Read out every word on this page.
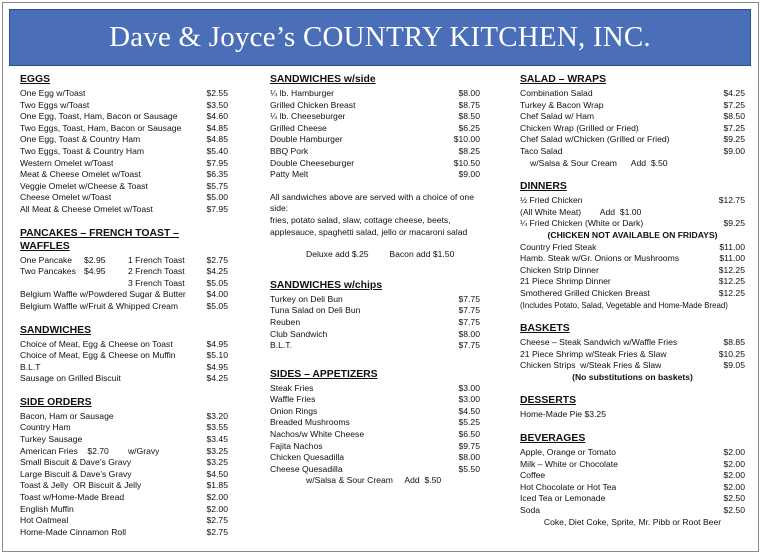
Dave & Joyce’s COUNTRY KITCHEN, INC.
EGGS
One Egg w/Toast	$2.55
Two Eggs w/Toast	$3.50
One Egg, Toast, Ham, Bacon or Sausage	$4.60
Two Eggs, Toast, Ham, Bacon or Sausage	$4.85
One Egg, Toast & Country Ham	$4.85
Two Eggs, Toast & Country Ham	$5.40
Western Omelet w/Toast	$7.95
Meat & Cheese Omelet w/Toast	$6.35
Veggie Omelet w/Cheese & Toast	$5.75
Cheese Omelet w/Toast	$5.00
All Meat & Cheese Omelet w/Toast	$7.95
PANCAKES – FRENCH TOAST – WAFFLES
One Pancake	$2.95	1 French Toast	$2.75
Two Pancakes $4.95	2 French Toast	$4.25
3 French Toast	$5.05
Belgium Waffle w/Powdered Sugar & Butter	$4.00
Belgium Waffle w/Fruit & Whipped Cream	$5.05
SANDWICHES
Choice of Meat, Egg & Cheese on Toast	$4.95
Choice of Meat, Egg & Cheese on Muffin	$5.10
B.L.T	$4.95
Sausage on Grilled Biscuit	$4.25
SIDE ORDERS
Bacon, Ham or Sausage	$3.20
Country Ham	$3.55
Turkey Sausage	$3.45
American Fries    $2.70        w/Gravy	$3.25
Small Biscuit & Dave’s Gravy	$3.25
Large Biscuit & Dave’s Gravy	$4.50
Toast & Jelly  OR Biscuit & Jelly	$1.85
Toast w/Home-Made Bread	$2.00
English Muffin	$2.00
Hot Oatmeal	$2.75
Home-Made Cinnamon Roll	$2.75
SANDWICHES w/side
¼ lb. Hamburger	$8.00
Grilled Chicken Breast	$8.75
¼ lb. Cheeseburger	$8.50
Grilled Cheese	$6.25
Double Hamburger	$10.00
BBQ Pork	$8.25
Double Cheeseburger	$10.50
Patty Melt	$9.00
All sandwiches above are served with a choice of one side:
fries, potato salad, slaw, cottage cheese, beets, applesauce, spaghetti salad, jello or macaroni salad
Deluxe add $.25 Bacon add $1.50
SANDWICHES w/chips
Turkey on Deli Bun	$7.75
Tuna Salad on Deli Bun	$7.75
Reuben	$7.75
Club Sandwich	$8.00
B.L.T.	$7.75
SIDES – APPETIZERS
Steak Fries	$3.00
Waffle Fries	$3.00
Onion Rings	$4.50
Breaded Mushrooms	$5.25
Nachos/w White Cheese	$6.50
Fajita Nachos	$9.75
Chicken Quesadilla	$8.00
Cheese Quesadilla	$5.50
w/Salsa & Sour Cream     Add  $.50
SALAD – WRAPS
Combination Salad	$4.25
Turkey & Bacon Wrap	$7.25
Chef Salad w/ Ham	$8.50
Chicken Wrap (Grilled or Fried)	$7.25
Chef Salad w/Chicken (Grilled or Fried)	$9.25
Taco Salad	$9.00
w/Salsa & Sour Cream      Add  $.50
DINNERS
½ Fried Chicken	$12.75
(All White Meat)        Add  $1.00
¼ Fried Chicken (White or Dark)	$9.25
(CHICKEN NOT AVAILABLE ON FRIDAYS)
Country Fried Steak	$11.00
Hamb. Steak w/Gr. Onions or Mushrooms	$11.00
Chicken Strip Dinner	$12.25
21 Piece Shrimp Dinner	$12.25
Smothered Grilled Chicken Breast	$12.25
(Includes Potato, Salad, Vegetable and Home-Made Bread)
BASKETS
Cheese – Steak Sandwich w/Waffle Fries	$8.85
21 Piece Shrimp w/Steak Fries & Slaw	$10.25
Chicken Strips  w/Steak Fries & Slaw	$9.05
(No substitutions on baskets)
DESSERTS
Home-Made Pie $3.25
BEVERAGES
Apple, Orange or Tomato	$2.00
Milk – White or Chocolate	$2.00
Coffee	$2.00
Hot Chocolate or Hot Tea	$2.00
Iced Tea or Lemonade	$2.50
Soda	$2.50
Coke, Diet Coke, Sprite, Mr. Pibb or Root Beer
